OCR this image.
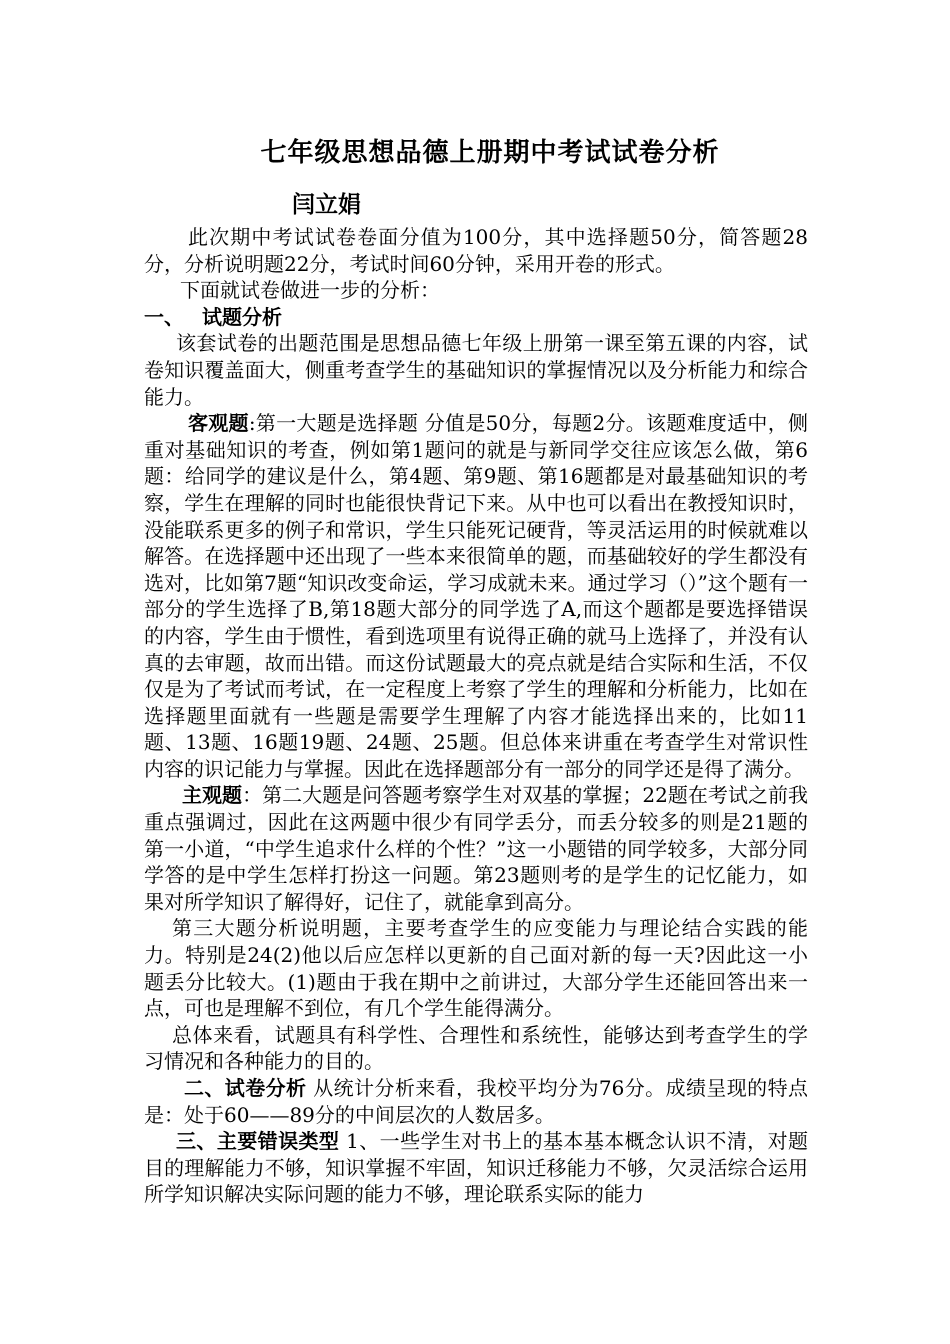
七年级思想品德上册期中考试试卷分析
闫立娟

此次期中考试试卷卷面分值为100分，其中选择题50分，简答题28分，分析说明题22分，考试时间60分钟，采用开卷的形式。

下面就试卷做进一步的分析：

一、 试题分析

该套试卷的出题范围是思想品德七年级上册第一课至第五课的内容，试卷知识覆盖面大，侧重考查学生的基础知识的掌握情况以及分析能力和综合能力。

客观题:第一大题是选择题 分值是50分，每题2分。该题难度适中，侧重对基础知识的考查，例如第1题问的就是与新同学交往应该怎么做，第6题：给同学的建议是什么，第4题、第9题、第16题都是对最基础知识的考察，学生在理解的同时也能很快背记下来。从中也可以看出在教授知识时，没能联系更多的例子和常识，学生只能死记硬背，等灵活运用的时候就难以解答。在选择题中还出现了一些本来很简单的题，而基础较好的学生都没有选对，比如第7题“知识改变命运，学习成就未来。通过学习（）”这个题有一部分的学生选择了B,第18题大部分的同学选了A,而这个题都是要选择错误的内容，学生由于惯性，看到选项里有说得正确的就马上选择了，并没有认真的去审题，故而出错。而这份试题最大的亮点就是结合实际和生活，不仅仅是为了考试而考试，在一定程度上考察了学生的理解和分析能力，比如在选择题里面就有一些题是需要学生理解了内容才能选择出来的，比如11题、13题、16题19题、24题、25题。但总体来讲重在考查学生对常识性内容的识记能力与掌握。因此在选择题部分有一部分的同学还是得了满分。

主观题：第二大题是问答题考察学生对双基的掌握；22题在考试之前我重点强调过，因此在这两题中很少有同学丢分，而丢分较多的则是21题的第一小道，“中学生追求什么样的个性？”这一小题错的同学较多，大部分同学答的是中学生怎样打扮这一问题。第23题则考的是学生的记忆能力，如果对所学知识了解得好，记住了，就能拿到高分。

第三大题分析说明题，主要考查学生的应变能力与理论结合实践的能力。特别是24(2)他以后应怎样以更新的自己面对新的每一天?因此这一小题丢分比较大。(1)题由于我在期中之前讲过，大部分学生还能回答出来一点，可也是理解不到位，有几个学生能得满分。

总体来看，试题具有科学性、合理性和系统性，能够达到考查学生的学习情况和各种能力的目的。

二、试卷分析 从统计分析来看，我校平均分为76分。成绩呈现的特点是：处于60——89分的中间层次的人数居多。

三、主要错误类型 1、一些学生对书上的基本基本概念认识不清，对题目的理解能力不够，知识掌握不牢固，知识迁移能力不够，欠灵活综合运用所学知识解决实际问题的能力不够，理论联系实际的能力
